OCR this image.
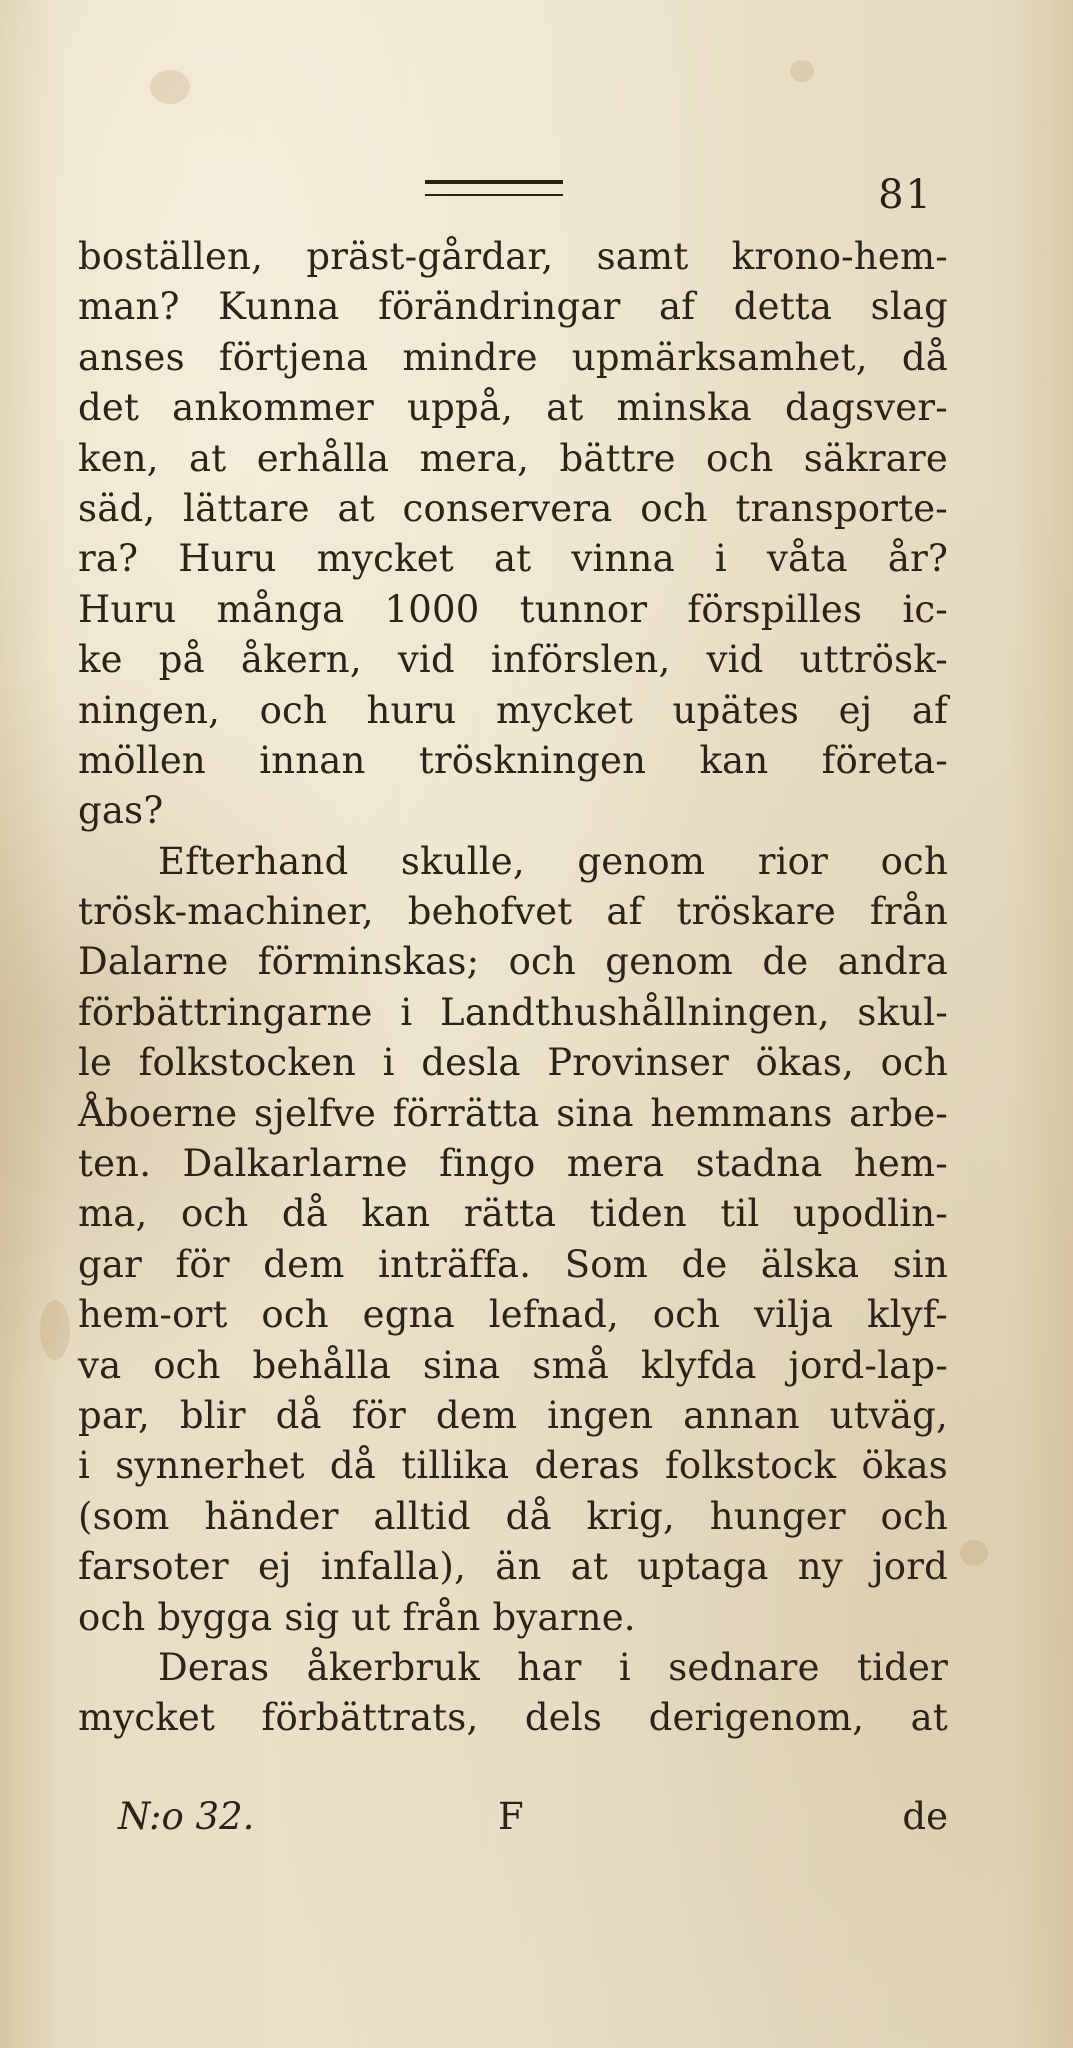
81
boställen, präst-gårdar, samt krono-hem-
man? Kunna förändringar af detta slag
anses förtjena mindre upmärksamhet, då
det ankommer uppå, at minska dagsver-
ken, at erhålla mera, bättre och säkrare
säd, lättare at conservera och transporte-
ra? Huru mycket at vinna i våta år?
Huru många 1000 tunnor förspilles ic-
ke på åkern, vid införslen, vid uttrösk-
ningen, och huru mycket upätes ej af
möllen innan tröskningen kan företa-
gas?
Efterhand skulle, genom rior och
trösk-machiner, behofvet af tröskare från
Dalarne förminskas; och genom de andra
förbättringarne i Landthushållningen, skul-
le folkstocken i desla Provinser ökas, och
Åboerne sjelfve förrätta sina hemmans arbe-
ten. Dalkarlarne fingo mera stadna hem-
ma, och då kan rätta tiden til upodlin-
gar för dem inträffa. Som de älska sin
hem-ort och egna lefnad, och vilja klyf-
va och behålla sina små klyfda jord-lap-
par, blir då för dem ingen annan utväg,
i synnerhet då tillika deras folkstock ökas
(som händer alltid då krig, hunger och
farsoter ej infalla), än at uptaga ny jord
och bygga sig ut från byarne.
Deras åkerbruk har i sednare tider
mycket förbättrats, dels derigenom, at
N:o 32.	F	de
